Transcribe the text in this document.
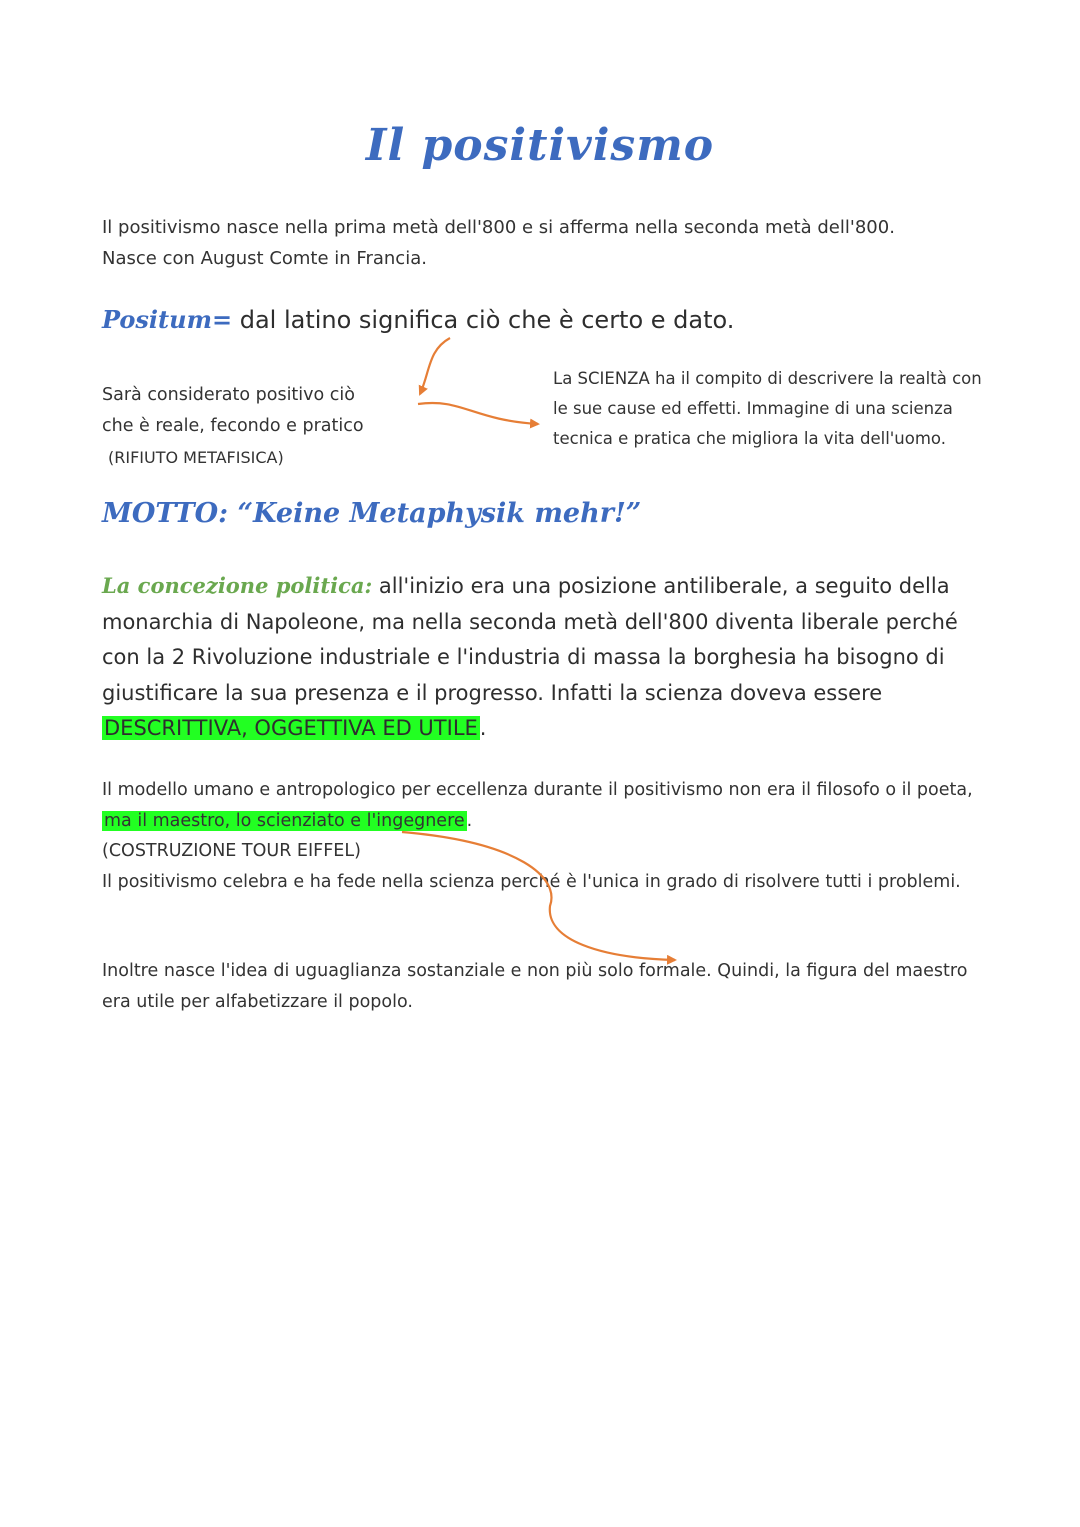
Il positivismo
Il positivismo nasce nella prima metà dell'800 e si afferma nella seconda metà dell'800.
Nasce con August Comte in Francia.
Positum= dal latino significa ciò che è certo e dato.
Sarà considerato positivo ciò
che è reale, fecondo e pratico
(RIFIUTO METAFISICA)
La SCIENZA ha il compito di descrivere la realtà con le sue cause ed effetti. Immagine di una scienza tecnica e pratica che migliora la vita dell'uomo.
MOTTO: “Keine Metaphysik mehr!”
La concezione politica: all'inizio era una posizione antiliberale, a seguito della monarchia di Napoleone, ma nella seconda metà dell'800 diventa liberale perché con la 2 Rivoluzione industriale e l'industria di massa la borghesia ha bisogno di giustificare la sua presenza e il progresso. Infatti la scienza doveva essere DESCRITTIVA, OGGETTIVA ED UTILE.
Il modello umano e antropologico per eccellenza durante il positivismo non era il filosofo o il poeta, ma il maestro, lo scienziato e l'ingegnere .
(COSTRUZIONE TOUR EIFFEL)
Il positivismo celebra e ha fede nella scienza perché è l'unica in grado di risolvere tutti i problemi.
Inoltre nasce l'idea di uguaglianza sostanziale e non più solo formale. Quindi, la figura del maestro era utile per alfabetizzare il popolo.
